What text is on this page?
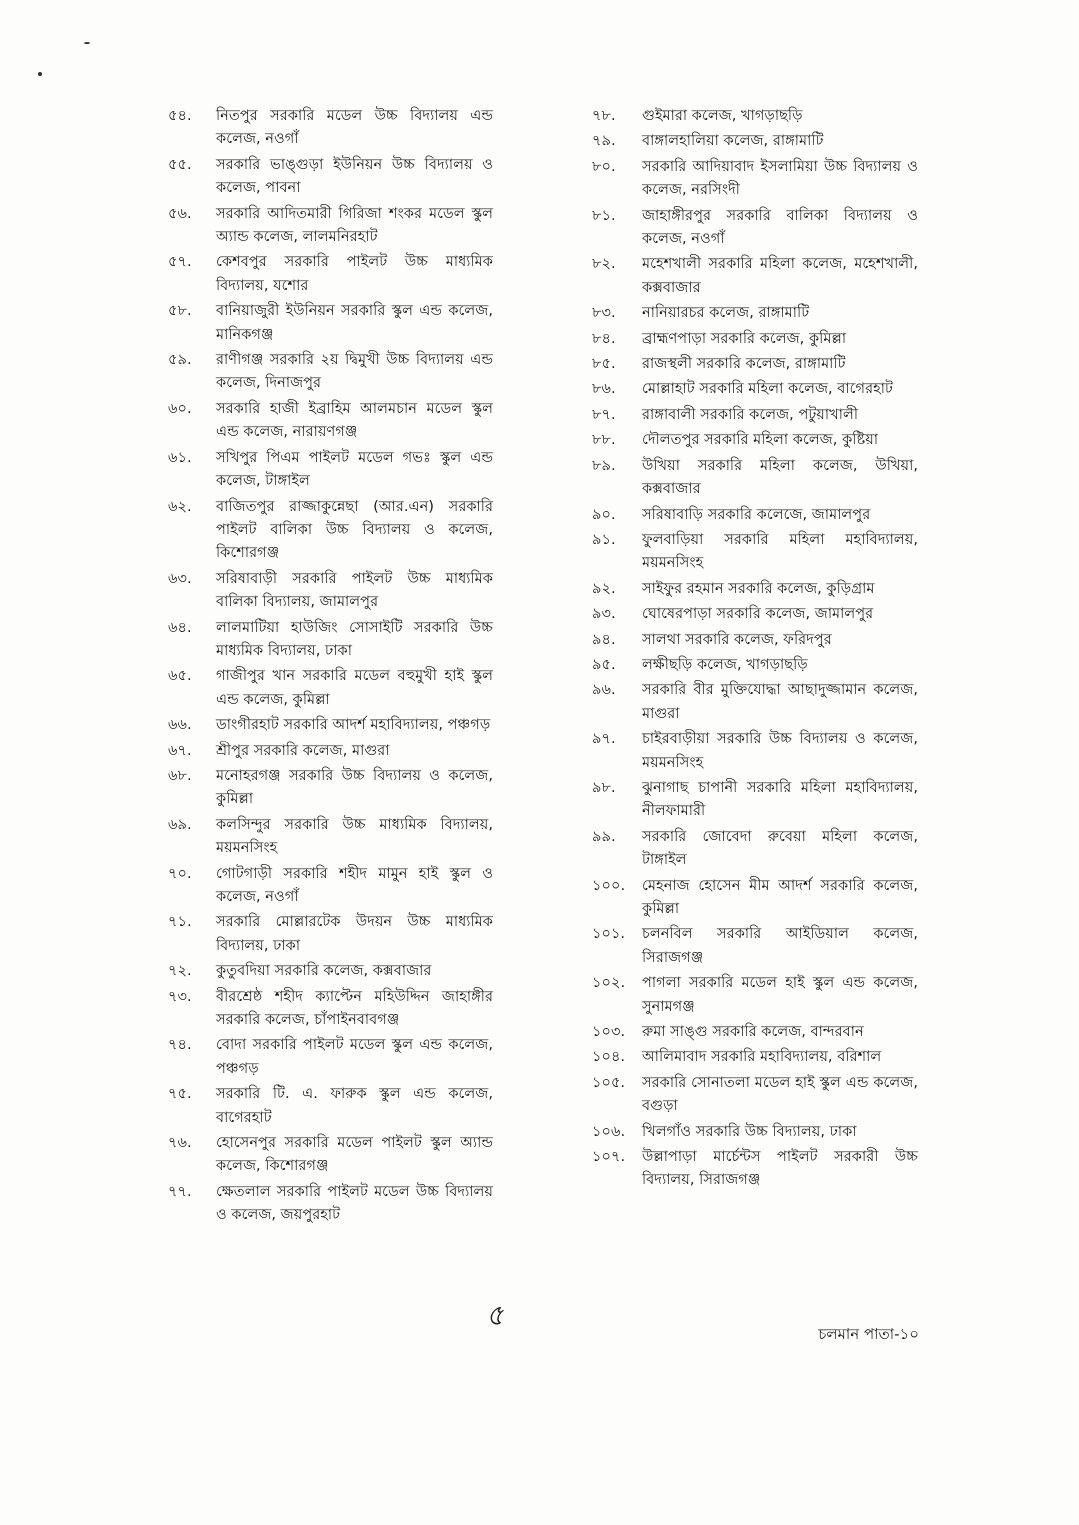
৫৪.	নিতপুর সরকারি মডেল উচ্চ বিদ্যালয় এন্ড কলেজ, নওগাঁ
৫৫.	সরকারি ভাঙ্গুড়া ইউনিয়ন উচ্চ বিদ্যালয় ও কলেজ, পাবনা
৫৬.	সরকারি আদিতমারী গিরিজা শংকর মডেল স্কুল অ্যান্ড কলেজ, লালমনিরহাট
৫৭.	কেশবপুর সরকারি পাইলট উচ্চ মাধ্যমিক বিদ্যালয়, যশোর
৫৮.	বানিয়াজুরী ইউনিয়ন সরকারি স্কুল এন্ড কলেজ, মানিকগঞ্জ
৫৯.	রাণীগঞ্জ সরকারি ২য় দ্বিমুখী উচ্চ বিদ্যালয় এন্ড কলেজ, দিনাজপুর
৬০.	সরকারি হাজী ইব্রাহিম আলমচান মডেল স্কুল এন্ড কলেজ, নারায়ণগঞ্জ
৬১.	সখিপুর পিএম পাইলট মডেল গভঃ স্কুল এন্ড কলেজ, টাঙ্গাইল
৬২.	বাজিতপুর রাজ্জাকুন্নেছা (আর.এন) সরকারি পাইলট বালিকা উচ্চ বিদ্যালয় ও কলেজ, কিশোরগঞ্জ
৬৩.	সরিষাবাড়ী সরকারি পাইলট উচ্চ মাধ্যমিক বালিকা বিদ্যালয়, জামালপুর
৬৪.	লালমাটিয়া হাউজিং সোসাইটি সরকারি উচ্চ মাধ্যমিক বিদ্যালয়, ঢাকা
৬৫.	গাজীপুর খান সরকারি মডেল বহুমুখী হাই স্কুল এন্ড কলেজ, কুমিল্লা
৬৬.	ডাংগীরহাট সরকারি আদর্শ মহাবিদ্যালয়, পঞ্চগড়
৬৭.	শ্রীপুর সরকারি কলেজ, মাগুরা
৬৮.	মনোহরগঞ্জ সরকারি উচ্চ বিদ্যালয় ও কলেজ, কুমিল্লা
৬৯.	কলসিন্দুর সরকারি উচ্চ মাধ্যমিক বিদ্যালয়, ময়মনসিংহ
৭০.	গোটগাড়ী সরকারি শহীদ মামুন হাই স্কুল ও কলেজ, নওগাঁ
৭১.	সরকারি মোল্লারটেক উদয়ন উচ্চ মাধ্যমিক বিদ্যালয়, ঢাকা
৭২.	কুতুবদিয়া সরকারি কলেজ, কক্সবাজার
৭৩.	বীরশ্রেষ্ঠ শহীদ ক্যাপ্টেন মহিউদ্দিন জাহাঙ্গীর সরকারি কলেজ, চাঁপাইনবাবগঞ্জ
৭৪.	বোদা সরকারি পাইলট মডেল স্কুল এন্ড কলেজ, পঞ্চগড়
৭৫.	সরকারি টি. এ. ফারুক স্কুল এন্ড কলেজ, বাগেরহাট
৭৬.	হোসেনপুর সরকারি মডেল পাইলট স্কুল অ্যান্ড কলেজ, কিশোরগঞ্জ
৭৭.	ক্ষেতলাল সরকারি পাইলট মডেল উচ্চ বিদ্যালয় ও কলেজ, জয়পুরহাট
৭৮.	গুইমারা কলেজ, খাগড়াছড়ি
৭৯.	বাঙ্গালহালিয়া কলেজ, রাঙ্গামাটি
৮০.	সরকারি আদিয়াবাদ ইসলামিয়া উচ্চ বিদ্যালয় ও কলেজ, নরসিংদী
৮১.	জাহাঙ্গীরপুর সরকারি বালিকা বিদ্যালয় ও কলেজ, নওগাঁ
৮২.	মহেশখালী সরকারি মহিলা কলেজ, মহেশখালী, কক্সবাজার
৮৩.	নানিয়ারচর কলেজ, রাঙ্গামাটি
৮৪.	ব্রাহ্মণপাড়া সরকারি কলেজ, কুমিল্লা
৮৫.	রাজস্থলী সরকারি কলেজ, রাঙ্গামাটি
৮৬.	মোল্লাহাট সরকারি মহিলা কলেজ, বাগেরহাট
৮৭.	রাঙ্গাবালী সরকারি কলেজ, পটুয়াখালী
৮৮.	দৌলতপুর সরকারি মহিলা কলেজ, কুষ্টিয়া
৮৯.	উখিয়া সরকারি মহিলা কলেজ, উখিয়া, কক্সবাজার
৯০.	সরিষাবাড়ি সরকারি কলেজে, জামালপুর
৯১.	ফুলবাড়িয়া সরকারি মহিলা মহাবিদ্যালয়, ময়মনসিংহ
৯২.	সাইফুর রহমান সরকারি কলেজ, কুড়িগ্রাম
৯৩.	ঘোষেরপাড়া সরকারি কলেজ, জামালপুর
৯৪.	সালথা সরকারি কলেজ, ফরিদপুর
৯৫.	লক্ষীছড়ি কলেজ, খাগড়াছড়ি
৯৬.	সরকারি বীর মুক্তিযোদ্ধা আছাদুজ্জামান কলেজ, মাগুরা
৯৭.	চাইরবাড়ীয়া সরকারি উচ্চ বিদ্যালয় ও কলেজ, ময়মনসিংহ
৯৮.	ঝুনাগাছ চাপানী সরকারি মহিলা মহাবিদ্যালয়, নীলফামারী
৯৯.	সরকারি জোবেদা রুবেয়া মহিলা কলেজ, টাঙ্গাইল
১০০.	মেহনাজ হোসেন মীম আদর্শ সরকারি কলেজ, কুমিল্লা
১০১.	চলনবিল সরকারি আইডিয়াল কলেজ, সিরাজগঞ্জ
১০২.	পাগলা সরকারি মডেল হাই স্কুল এন্ড কলেজ, সুনামগঞ্জ
১০৩.	রুমা সাঙ্গু সরকারি কলেজ, বান্দরবান
১০৪.	আলিমাবাদ সরকারি মহাবিদ্যালয়, বরিশাল
১০৫.	সরকারি সোনাতলা মডেল হাই স্কুল এন্ড কলেজ, বগুড়া
১০৬.	খিলগাঁও সরকারি উচ্চ বিদ্যালয়, ঢাকা
১০৭.	উল্লাপাড়া মার্চেন্টস পাইলট সরকারী উচ্চ বিদ্যালয়, সিরাজগঞ্জ
৫
চলমান পাতা-১০
